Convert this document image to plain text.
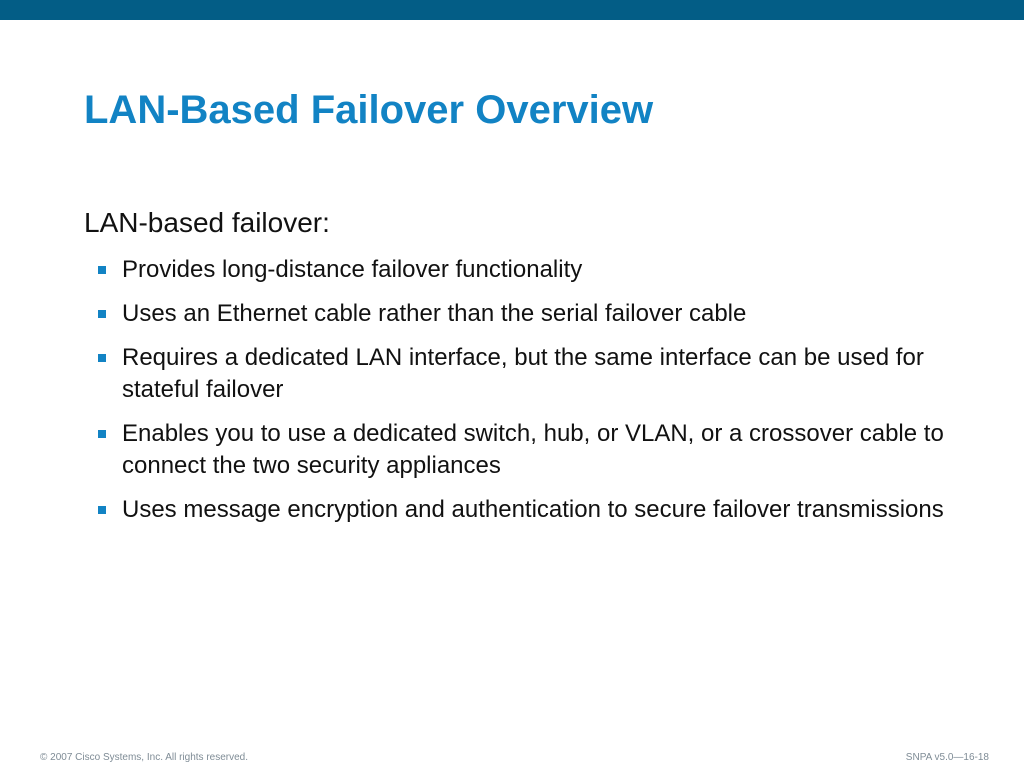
LAN-Based Failover Overview
LAN-based failover:
Provides long-distance failover functionality
Uses an Ethernet cable rather than the serial failover cable
Requires a dedicated LAN interface, but the same interface can be used for stateful failover
Enables you to use a dedicated switch, hub, or VLAN, or a crossover cable to connect the two security appliances
Uses message encryption and authentication to secure failover transmissions
© 2007 Cisco Systems, Inc. All rights reserved.	SNPA v5.0—16-18
